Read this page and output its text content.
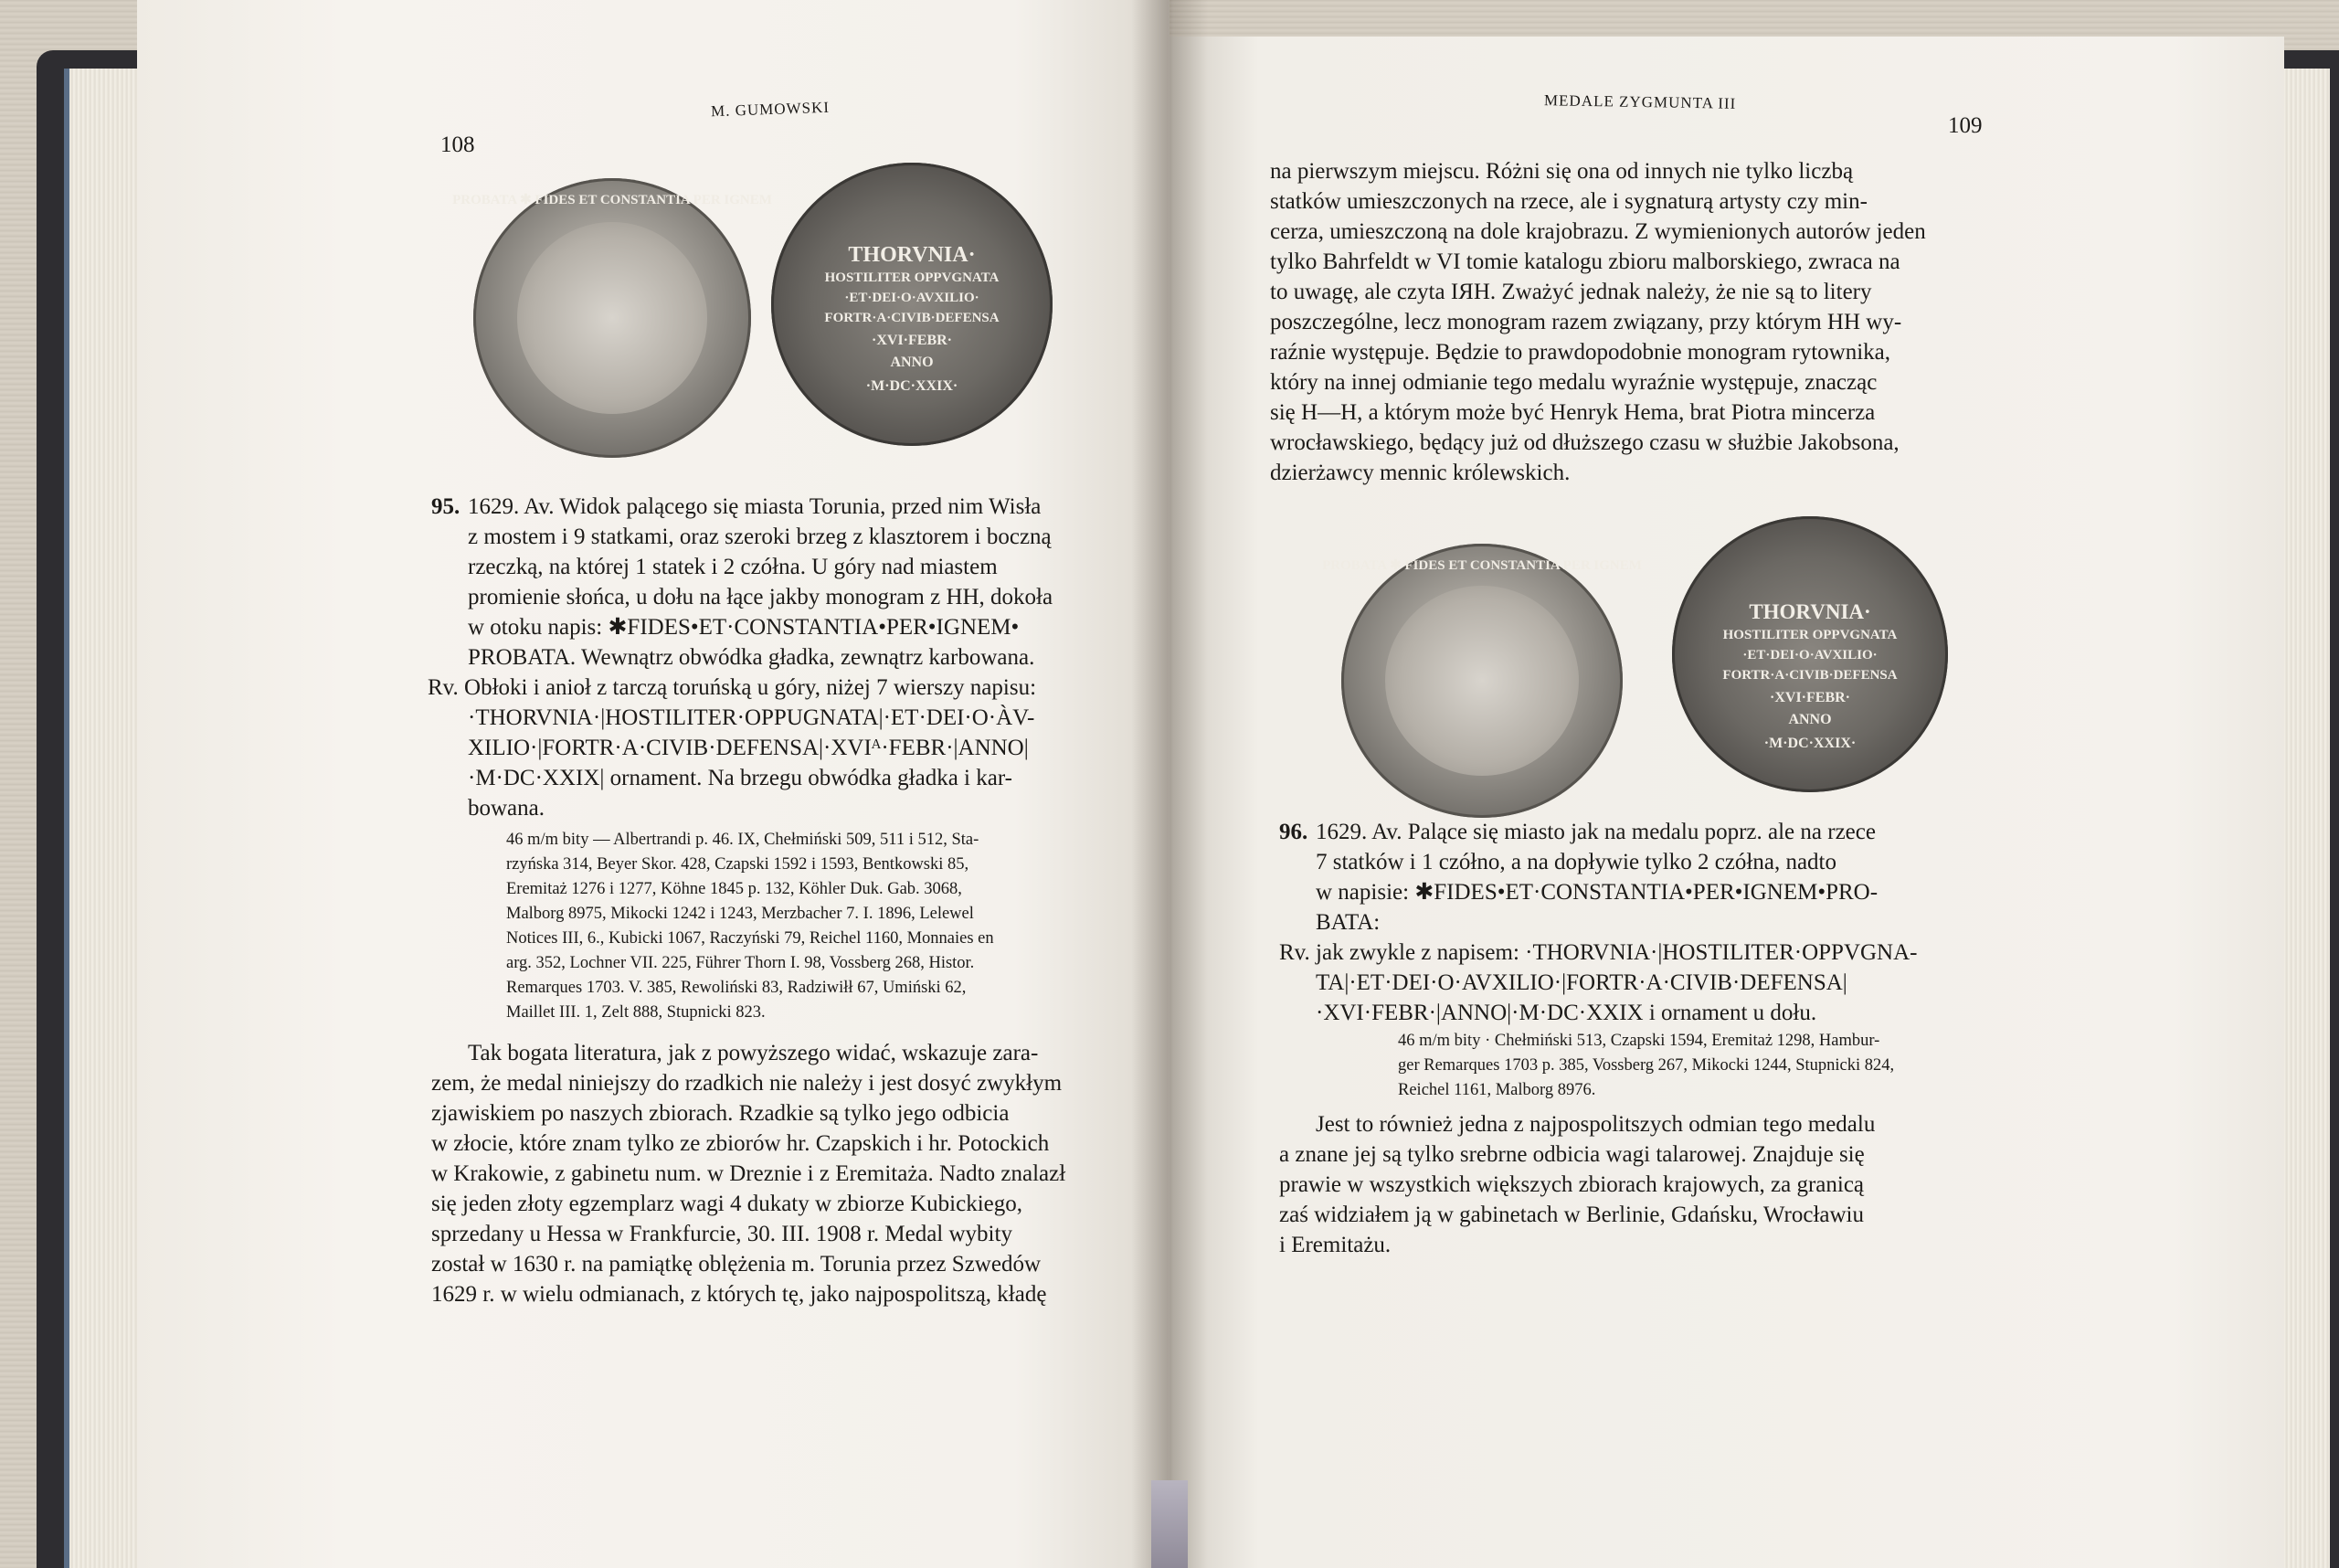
M. GUMOWSKI
108
PROBATA ✱ FIDES ET CONSTANTIA PER IGNEM
THORVNIA·
HOSTILITER OPPVGNATA
·ET·DEI·O·AVXILIO·
FORTR·A·CIVIB·DEFENSA
·XVI·FEBR·
ANNO
·M·DC·XXIX·
95. 1629. Av. Widok palącego się miasta Torunia, przed nim Wisła
z mostem i 9 statkami, oraz szeroki brzeg z klasztorem i boczną
rzeczką, na której 1 statek i 2 czółna. U góry nad miastem
promienie słońca, u dołu na łące jakby monogram z HH, dokoła
w otoku napis: ✱FIDES•ET·CONSTANTIA•PER•IGNEM•
PROBATA. Wewnątrz obwódka gładka, zewnątrz karbowana.
Rv. Obłoki i anioł z tarczą toruńską u góry, niżej 7 wierszy napisu:
·THORVNIA·|HOSTILITER·OPPUGNATA|·ET·DEI·O·ÀV-
XILIO·|FORTR·A·CIVIB·DEFENSA|·XVIᴬ·FEBR·|ANNO|
·M·DC·XXIX| ornament. Na brzegu obwódka gładka i kar-
bowana.
46 m/m bity — Albertrandi p. 46. IX, Chełmiński 509, 511 i 512, Sta-
rzyńska 314, Beyer Skor. 428, Czapski 1592 i 1593, Bentkowski 85,
Eremitaż 1276 i 1277, Köhne 1845 p. 132, Köhler Duk. Gab. 3068,
Malborg 8975, Mikocki 1242 i 1243, Merzbacher 7. I. 1896, Lelewel
Notices III, 6., Kubicki 1067, Raczyński 79, Reichel 1160, Monnaies en
arg. 352, Lochner VII. 225, Führer Thorn I. 98, Vossberg 268, Histor.
Remarques 1703. V. 385, Rewoliński 83, Radziwiłł 67, Umiński 62,
Maillet III. 1, Zelt 888, Stupnicki 823.
Tak bogata literatura, jak z powyższego widać, wskazuje zara-
zem, że medal niniejszy do rzadkich nie należy i jest dosyć zwykłym
zjawiskiem po naszych zbiorach. Rzadkie są tylko jego odbicia
w złocie, które znam tylko ze zbiorów hr. Czapskich i hr. Potockich
w Krakowie, z gabinetu num. w Dreznie i z Eremitaża. Nadto znalazł
się jeden złoty egzemplarz wagi 4 dukaty w zbiorze Kubickiego,
sprzedany u Hessa w Frankfurcie, 30. III. 1908 r. Medal wybity
został w 1630 r. na pamiątkę oblężenia m. Torunia przez Szwedów
1629 r. w wielu odmianach, z których tę, jako najpospolitszą, kładę
MEDALE ZYGMUNTA III
109
na pierwszym miejscu. Różni się ona od innych nie tylko liczbą
statków umieszczonych na rzece, ale i sygnaturą artysty czy min-
cerza, umieszczoną na dole krajobrazu. Z wymienionych autorów jeden
tylko Bahrfeldt w VI tomie katalogu zbioru malborskiego, zwraca na
to uwagę, ale czyta IЯH. Zważyć jednak należy, że nie są to litery
poszczególne, lecz monogram razem związany, przy którym HH wy-
raźnie występuje. Będzie to prawdopodobnie monogram rytownika,
który na innej odmianie tego medalu wyraźnie występuje, znacząc
się H—H, a którym może być Henryk Hema, brat Piotra mincerza
wrocławskiego, będący już od dłuższego czasu w służbie Jakobsona,
dzierżawcy mennic królewskich.
PROBATA ✱ FIDES ET CONSTANTIA PER IGNEM
THORVNIA·
HOSTILITER OPPVGNATA
·ET·DEI·O·AVXILIO·
FORTR·A·CIVIB·DEFENSA
·XVI·FEBR·
ANNO
·M·DC·XXIX·
96. 1629. Av. Palące się miasto jak na medalu poprz. ale na rzece
7 statków i 1 czółno, a na dopływie tylko 2 czółna, nadto
w napisie: ✱FIDES•ET·CONSTANTIA•PER•IGNEM•PRO-
BATA:
Rv. jak zwykle z napisem: ·THORVNIA·|HOSTILITER·OPPVGNA-
TA|·ET·DEI·O·AVXILIO·|FORTR·A·CIVIB·DEFENSA|
·XVI·FEBR·|ANNO|·M·DC·XXIX i ornament u dołu.
46 m/m bity · Chełmiński 513, Czapski 1594, Eremitaż 1298, Hambur-
ger Remarques 1703 p. 385, Vossberg 267, Mikocki 1244, Stupnicki 824,
Reichel 1161, Malborg 8976.
Jest to również jedna z najpospolitszych odmian tego medalu
a znane jej są tylko srebrne odbicia wagi talarowej. Znajduje się
prawie w wszystkich większych zbiorach krajowych, za granicą
zaś widziałem ją w gabinetach w Berlinie, Gdańsku, Wrocławiu
i Eremitażu.
